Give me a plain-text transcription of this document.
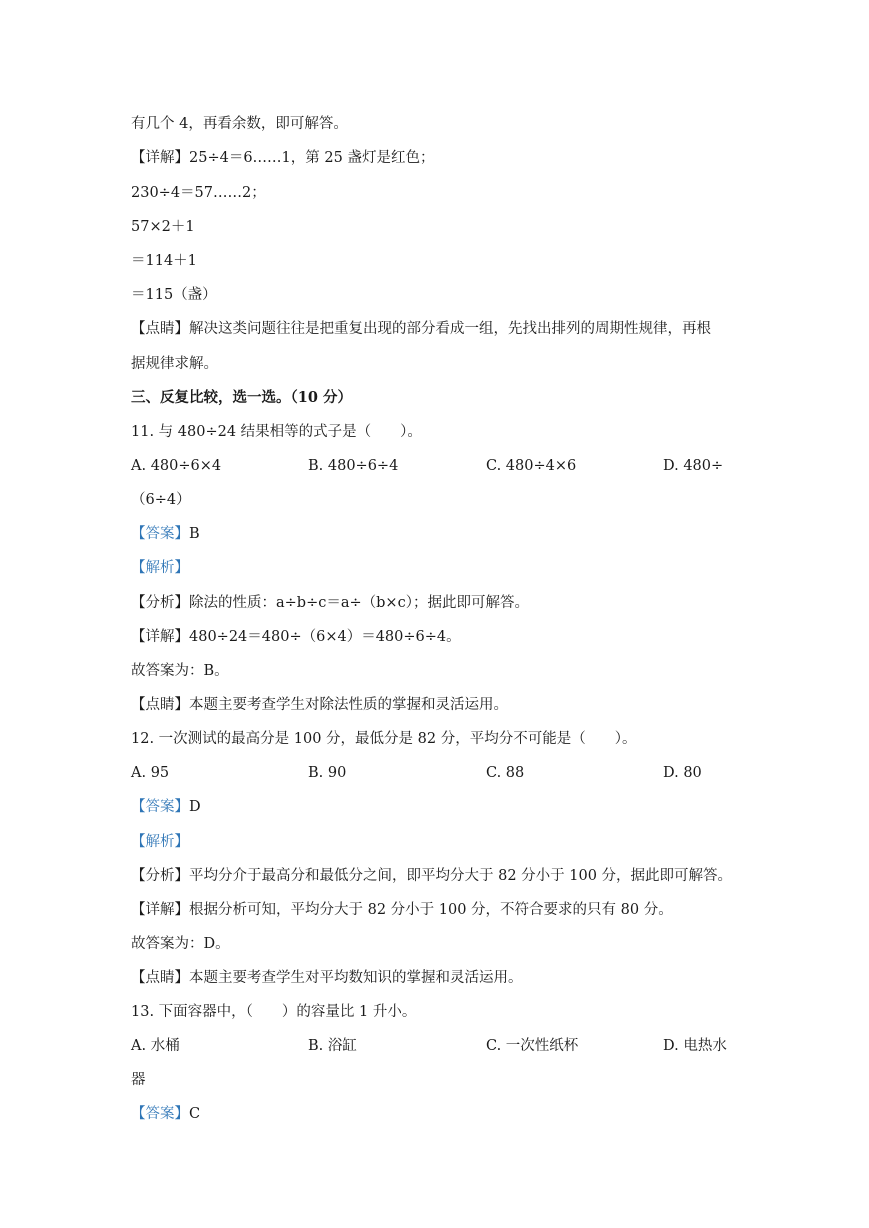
有几个 4，再看余数，即可解答。
【详解】25÷4＝6……1，第 25 盏灯是红色；
230÷4＝57……2；
57×2＋1
＝114＋1
＝115（盏）
【点睛】解决这类问题往往是把重复出现的部分看成一组，先找出排列的周期性规律，再根
据规律求解。
三、反复比较，选一选。（10 分）
11. 与 480÷24 结果相等的式子是（　　）。
A. 480÷6×4	B. 480÷6÷4	C. 480÷4×6	D. 480÷
（6÷4）
【答案】B
【解析】
【分析】除法的性质：a÷b÷c＝a÷（b×c）；据此即可解答。
【详解】480÷24＝480÷（6×4）＝480÷6÷4。
故答案为：B。
【点睛】本题主要考查学生对除法性质的掌握和灵活运用。
12. 一次测试的最高分是 100 分，最低分是 82 分，平均分不可能是（　　）。
A. 95	B. 90	C. 88	D. 80
【答案】D
【解析】
【分析】平均分介于最高分和最低分之间，即平均分大于 82 分小于 100 分，据此即可解答。
【详解】根据分析可知，平均分大于 82 分小于 100 分，不符合要求的只有 80 分。
故答案为：D。
【点睛】本题主要考查学生对平均数知识的掌握和灵活运用。
13. 下面容器中，（　　）的容量比 1 升小。
A. 水桶	B. 浴缸	C. 一次性纸杯	D. 电热水
器
【答案】C
